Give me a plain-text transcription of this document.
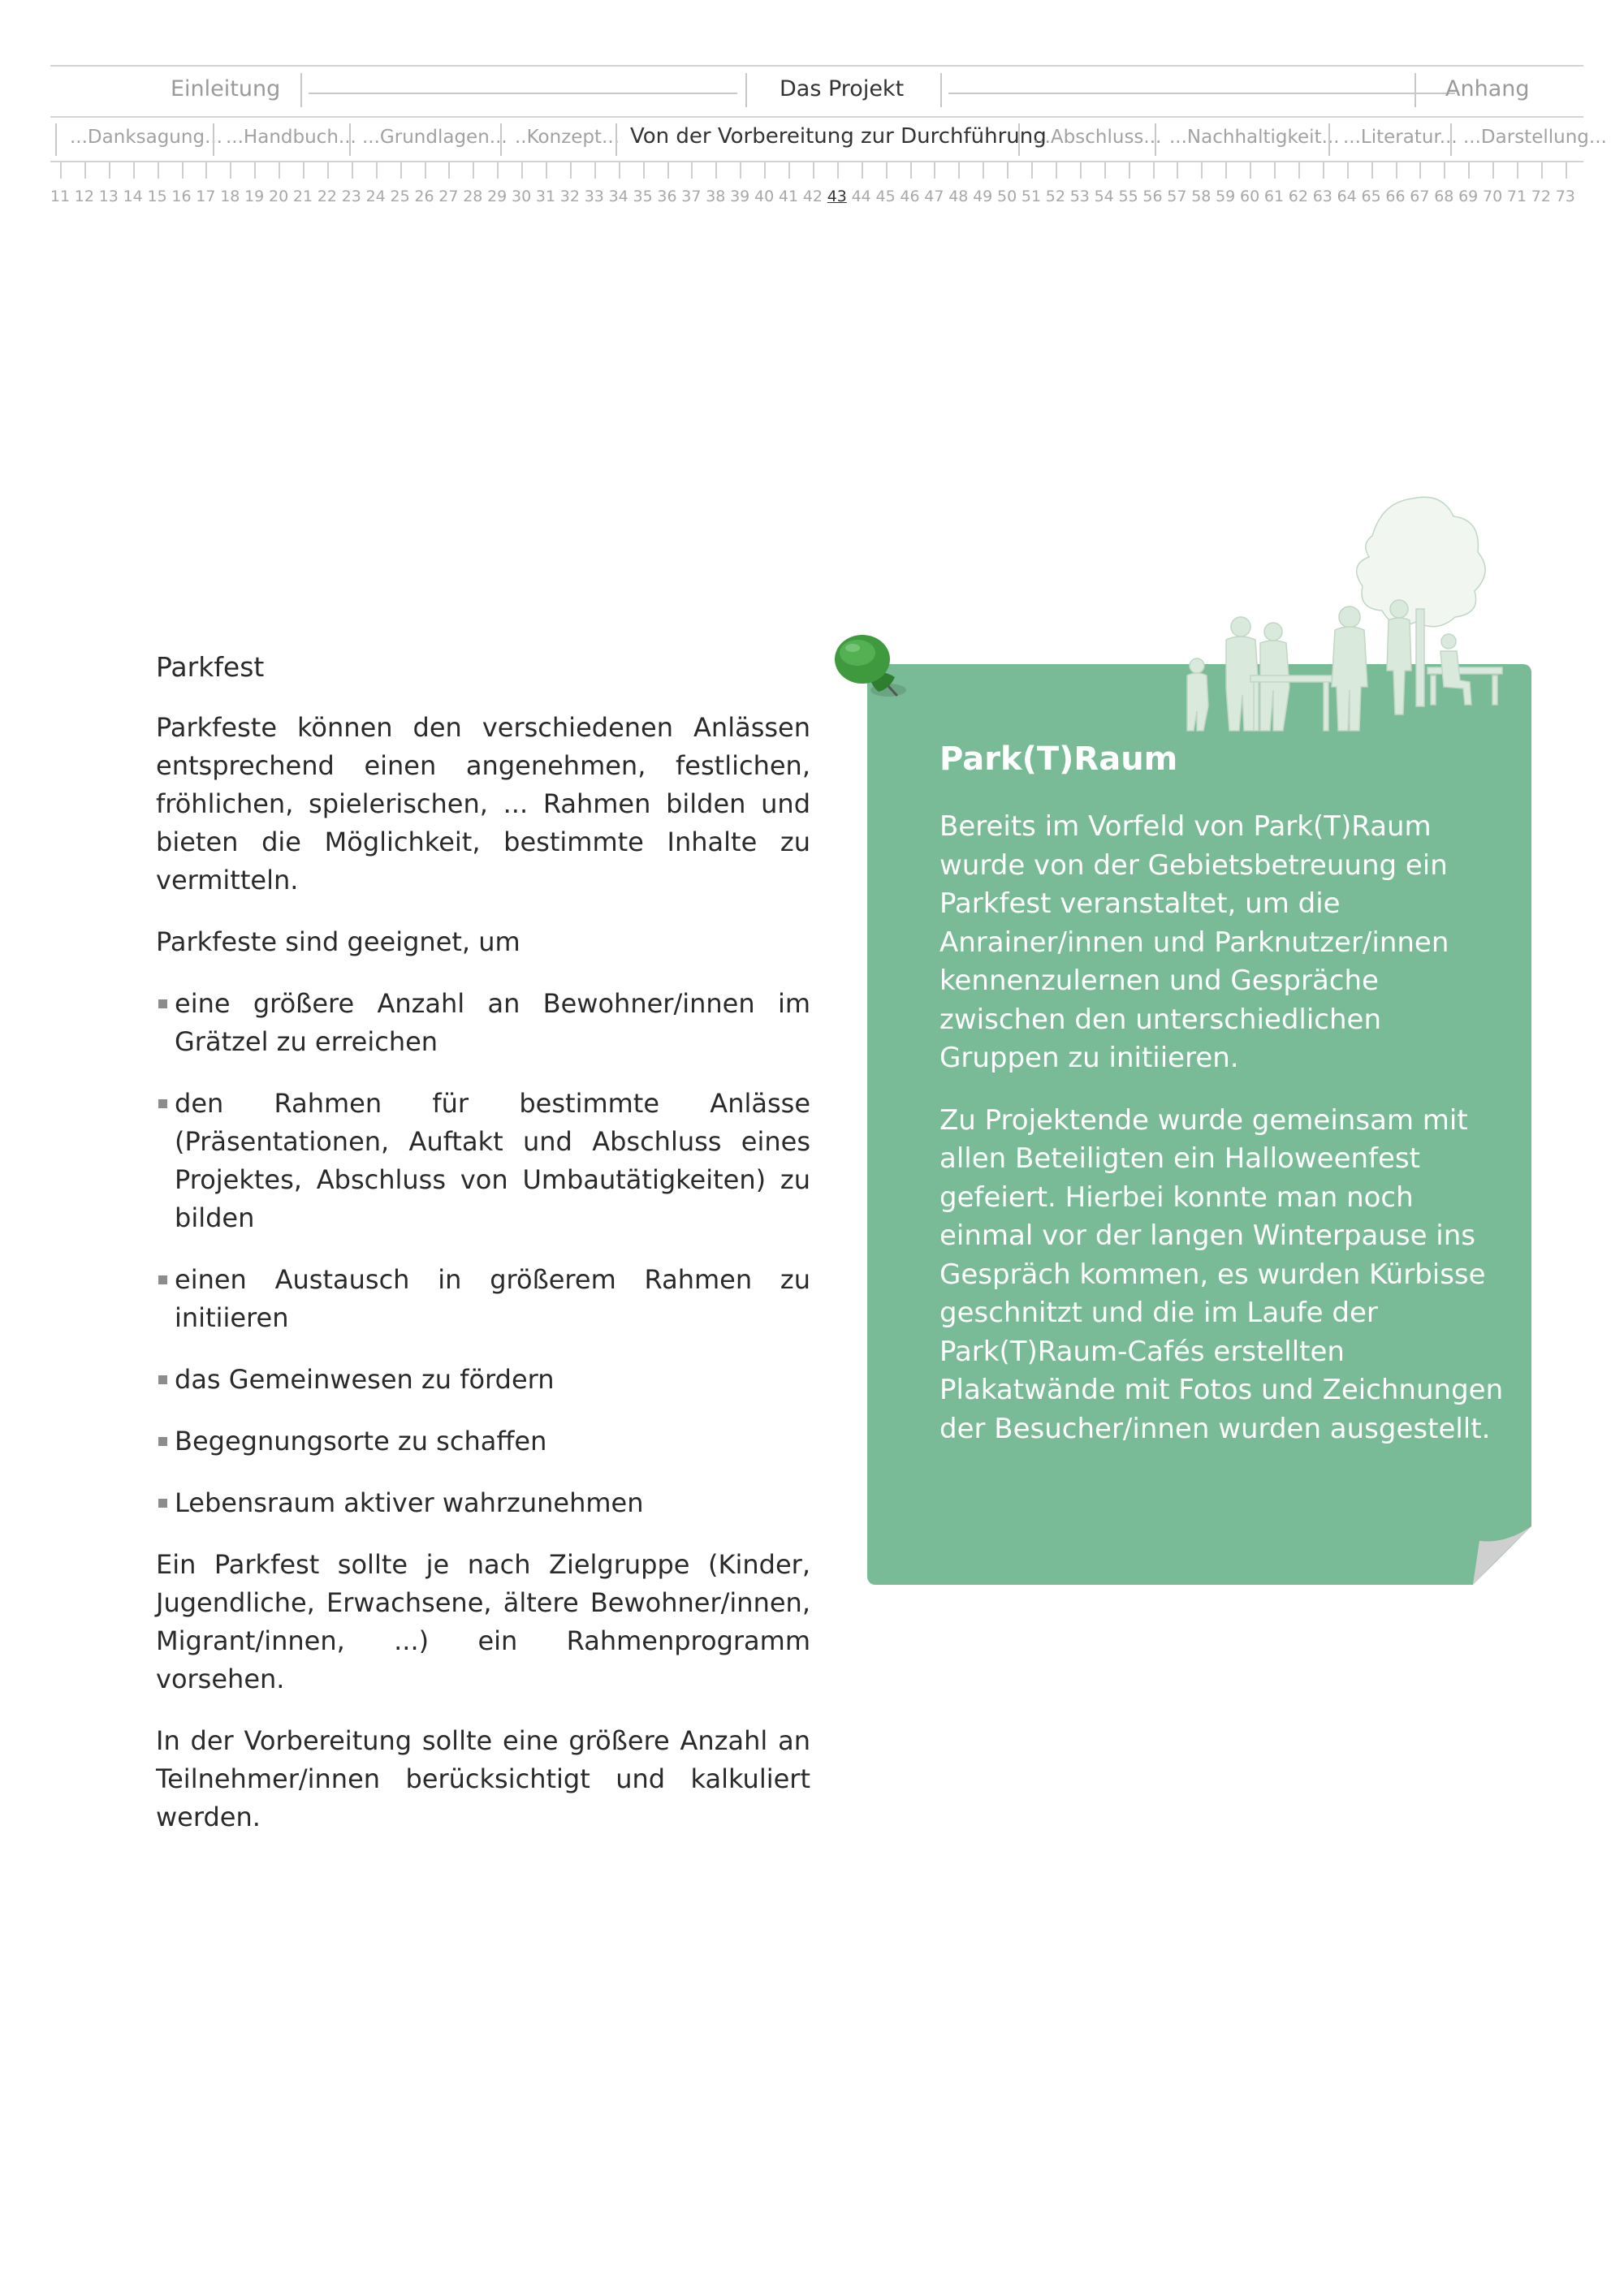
Einleitung	Das Projekt	Anhang
...Danksagung... ...Handbuch... ...Grundlagen... ..Konzept... Von der Vorbereitung zur Durchführung
...Abschluss... ...Nachhaltigkeit... ...Literatur... ...Darstellung...
11 12 13 14 15 16 17 18 19 20 21 22 23 24 25 26 27 28 29 30 31 32 33 34 35 36 37 38 39 40 41 42 43 44 45 46 47 48 49 50 51 52 53 54 55 56 57 58 59 60 61 62 63 64 65 66 67 68 69 70 71 72 73
Parkfest

Parkfeste können den verschiedenen Anlässen entsprechend einen angenehmen, festlichen, fröhlichen, spielerischen, ... Rahmen bilden und bieten die Möglichkeit, bestimmte Inhalte zu vermitteln.

Parkfeste sind geeignet, um

eine größere Anzahl an Bewohner/innen im Grätzel zu erreichen
den Rahmen für bestimmte Anlässe (Präsentationen, Auftakt und Abschluss eines Projektes, Abschluss von Umbautätigkeiten) zu bilden
einen Austausch in größerem Rahmen zu initiieren
das Gemeinwesen zu fördern
Begegnungsorte zu schaffen
Lebensraum aktiver wahrzunehmen

Ein Parkfest sollte je nach Zielgruppe (Kinder, Jugendliche, Erwachsene, ältere Bewohner/innen, Migrant/innen, ...) ein Rahmenprogramm vorsehen.

In der Vorbereitung sollte eine größere Anzahl an Teilnehmer/innen berücksichtigt und kalkuliert werden.

Park(T)Raum

Bereits im Vorfeld von Park(T)Raum wurde von der Gebietsbetreuung ein Parkfest veranstaltet, um die Anrainer/innen und Parknutzer/innen kennenzulernen und Gespräche zwischen den unterschiedlichen Gruppen zu initiieren.

Zu Projektende wurde gemeinsam mit allen Beteiligten ein Halloweenfest gefeiert. Hierbei konnte man noch einmal vor der langen Winterpause ins Gespräch kommen, es wurden Kürbisse geschnitzt und die im Laufe der Park(T)Raum-Cafés erstellten Plakatwände mit Fotos und Zeichnungen der Besucher/innen wurden ausgestellt.
